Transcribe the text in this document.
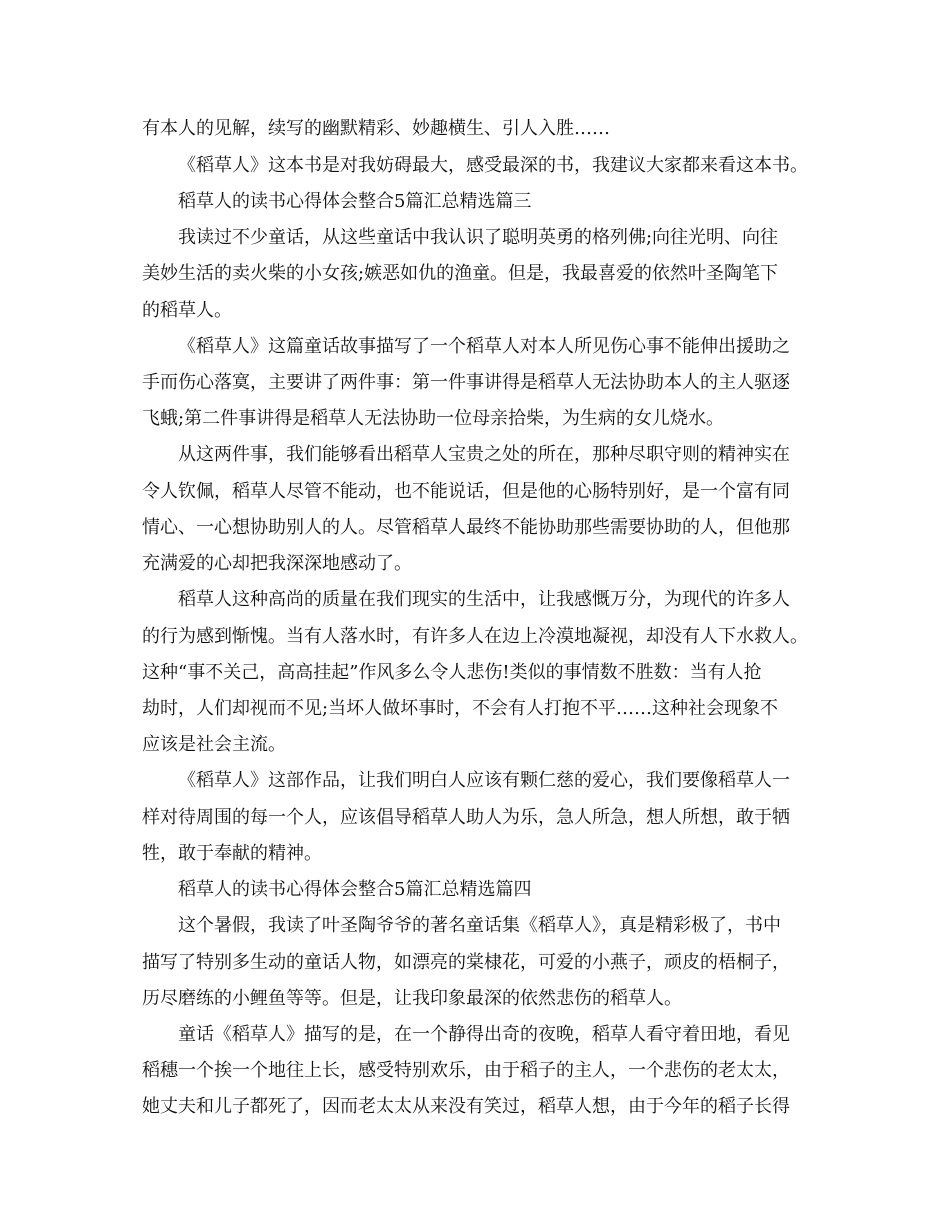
有本人的见解，续写的幽默精彩、妙趣横生、引人入胜……
《稻草人》这本书是对我妨碍最大，感受最深的书，我建议大家都来看这本书。
稻草人的读书心得体会整合5篇汇总精选篇三
我读过不少童话，从这些童话中我认识了聪明英勇的格列佛;向往光明、向往
美妙生活的卖火柴的小女孩;嫉恶如仇的渔童。但是，我最喜爱的依然叶圣陶笔下
的稻草人。
《稻草人》这篇童话故事描写了一个稻草人对本人所见伤心事不能伸出援助之
手而伤心落寞，主要讲了两件事：第一件事讲得是稻草人无法协助本人的主人驱逐
飞蛾;第二件事讲得是稻草人无法协助一位母亲拾柴，为生病的女儿烧水。
从这两件事，我们能够看出稻草人宝贵之处的所在，那种尽职守则的精神实在
令人钦佩，稻草人尽管不能动，也不能说话，但是他的心肠特别好，是一个富有同
情心、一心想协助别人的人。尽管稻草人最终不能协助那些需要协助的人，但他那
充满爱的心却把我深深地感动了。
稻草人这种高尚的质量在我们现实的生活中，让我感慨万分，为现代的许多人
的行为感到惭愧。当有人落水时，有许多人在边上冷漠地凝视，却没有人下水救人。
这种“事不关己，高高挂起”作风多么令人悲伤!类似的事情数不胜数：当有人抢
劫时，人们却视而不见;当坏人做坏事时，不会有人打抱不平……这种社会现象不
应该是社会主流。
《稻草人》这部作品，让我们明白人应该有颗仁慈的爱心，我们要像稻草人一
样对待周围的每一个人，应该倡导稻草人助人为乐，急人所急，想人所想，敢于牺
牲，敢于奉献的精神。
稻草人的读书心得体会整合5篇汇总精选篇四
这个暑假，我读了叶圣陶爷爷的著名童话集《稻草人》，真是精彩极了，书中
描写了特别多生动的童话人物，如漂亮的棠棣花，可爱的小燕子，顽皮的梧桐子，
历尽磨练的小鲤鱼等等。但是，让我印象最深的依然悲伤的稻草人。
童话《稻草人》描写的是，在一个静得出奇的夜晚，稻草人看守着田地，看见
稻穗一个挨一个地往上长，感受特别欢乐，由于稻子的主人，一个悲伤的老太太，
她丈夫和儿子都死了，因而老太太从来没有笑过，稻草人想，由于今年的稻子长得
